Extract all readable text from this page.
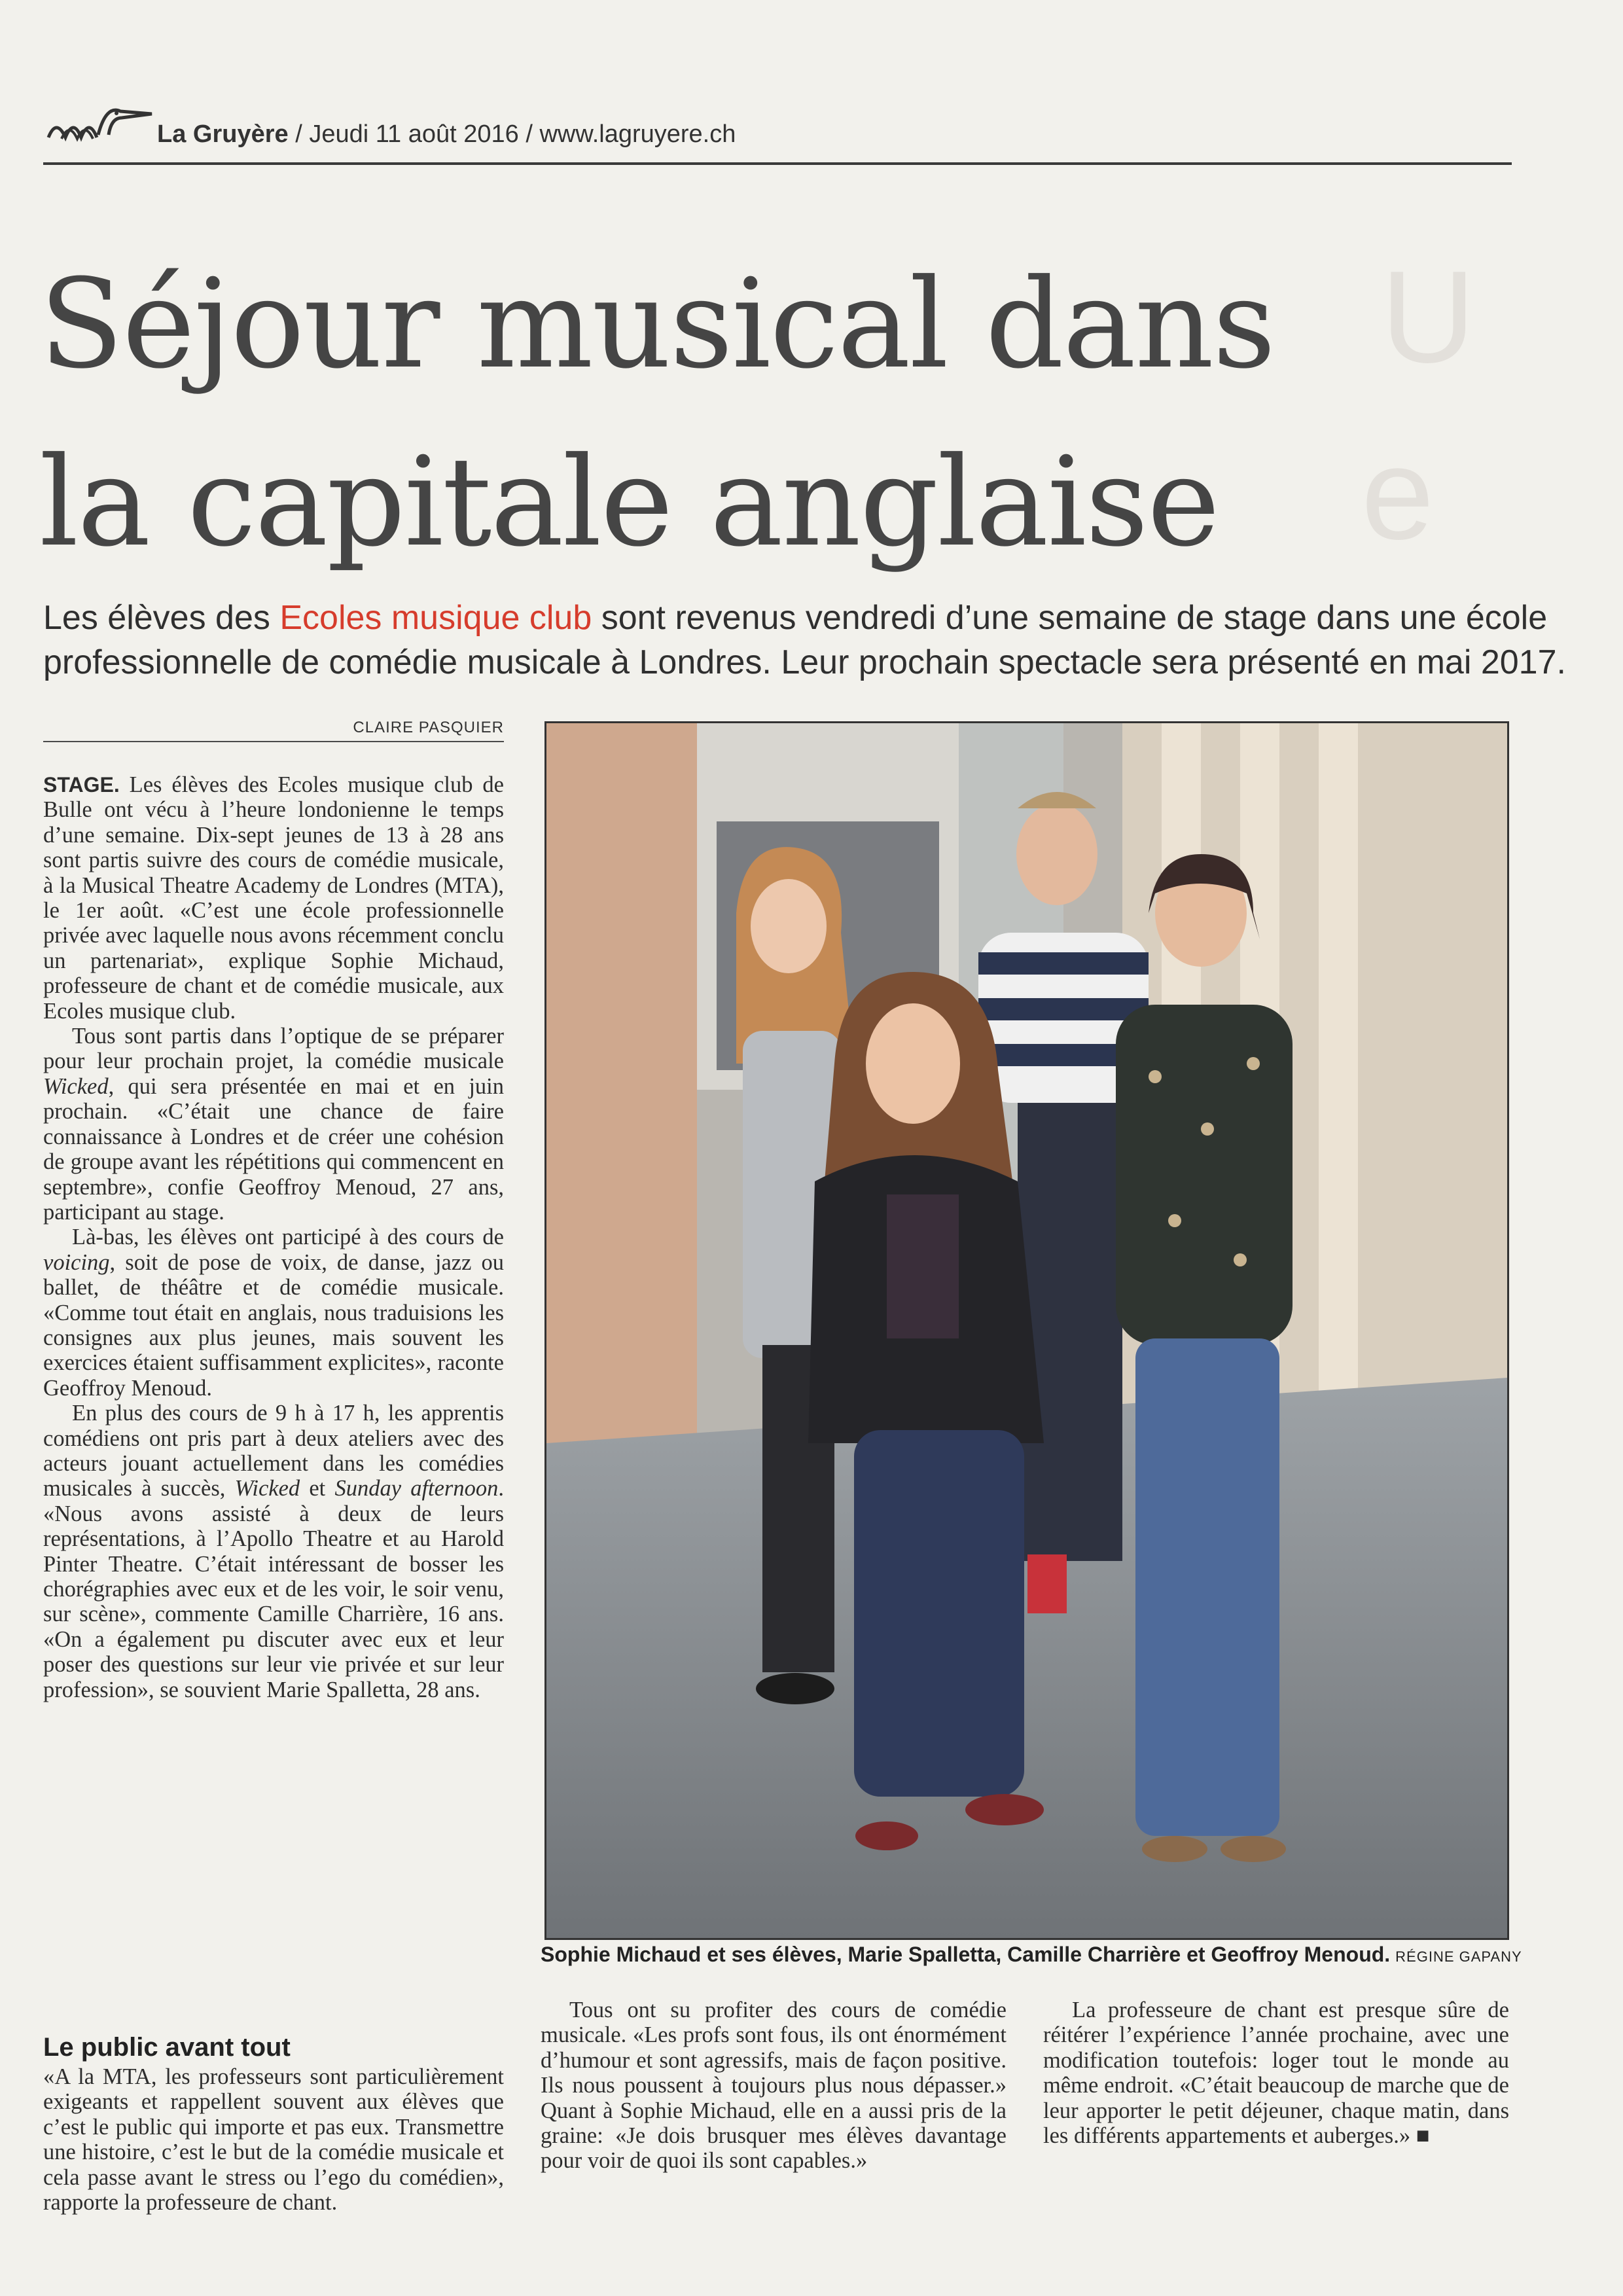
La Gruyère / Jeudi 11 août 2016 / www.lagruyere.ch
U
e
Séjour musical dans
la capitale anglaise

Les élèves des Ecoles musique club sont revenus vendredi d’une semaine de stage dans une école

professionnelle de comédie musicale à Londres. Leur prochain spectacle sera présenté en mai 2017.

CLAIRE PASQUIER

STAGE. Les élèves des Ecoles musique club de Bulle ont vécu à l’heure londonienne le temps d’une semaine. Dix-sept jeunes de 13 à 28 ans sont partis suivre des cours de comédie musicale, à la Musical Theatre Academy de Londres (MTA), le 1er août. «C’est une école professionnelle privée avec laquelle nous avons récemment conclu un partenariat», explique Sophie Michaud, professeure de chant et de comédie musicale, aux Ecoles musique club.

Tous sont partis dans l’optique de se préparer pour leur prochain projet, la comédie musicale Wicked, qui sera présentée en mai et en juin prochain. «C’était une chance de faire connaissance à Londres et de créer une cohésion de groupe avant les répétitions qui commencent en septembre», confie Geoffroy Menoud, 27 ans, participant au stage.

Là-bas, les élèves ont participé à des cours de voicing, soit de pose de voix, de danse, jazz ou ballet, de théâtre et de comédie musicale. «Comme tout était en anglais, nous traduisions les consignes aux plus jeunes, mais souvent les exercices étaient suffisamment explicites», raconte Geoffroy Menoud.

En plus des cours de 9 h à 17 h, les apprentis comédiens ont pris part à deux ateliers avec des acteurs jouant actuellement dans les comédies musicales à succès, Wicked et Sunday afternoon. «Nous avons assisté à deux de leurs représentations, à l’Apollo Theatre et au Harold Pinter Theatre. C’était intéressant de bosser les chorégraphies avec eux et de les voir, le soir venu, sur scène», commente Camille Charrière, 16 ans. «On a également pu discuter avec eux et leur poser des questions sur leur vie privée et sur leur profession», se souvient Marie Spalletta, 28 ans.

Le public avant tout

«A la MTA, les professeurs sont particulièrement exigeants et rappellent souvent aux élèves que c’est le public qui importe et pas eux. Transmettre une histoire, c’est le but de la comédie musicale et cela passe avant le stress ou l’ego du comédien», rapporte la professeure de chant.

Sophie Michaud et ses élèves, Marie Spalletta, Camille Charrière et Geoffroy Menoud. RÉGINE GAPANY

Tous ont su profiter des cours de comédie musicale. «Les profs sont fous, ils ont énormément d’humour et sont agressifs, mais de façon positive. Ils nous poussent à toujours plus nous dépasser.» Quant à Sophie Michaud, elle en a aussi pris de la graine: «Je dois brusquer mes élèves davantage pour voir de quoi ils sont capables.»

La professeure de chant est presque sûre de réitérer l’expérience l’année prochaine, avec une modification toutefois: loger tout le monde au même endroit. «C’était beaucoup de marche que de leur apporter le petit déjeuner, chaque matin, dans les différents appartements et auberges.» ■
